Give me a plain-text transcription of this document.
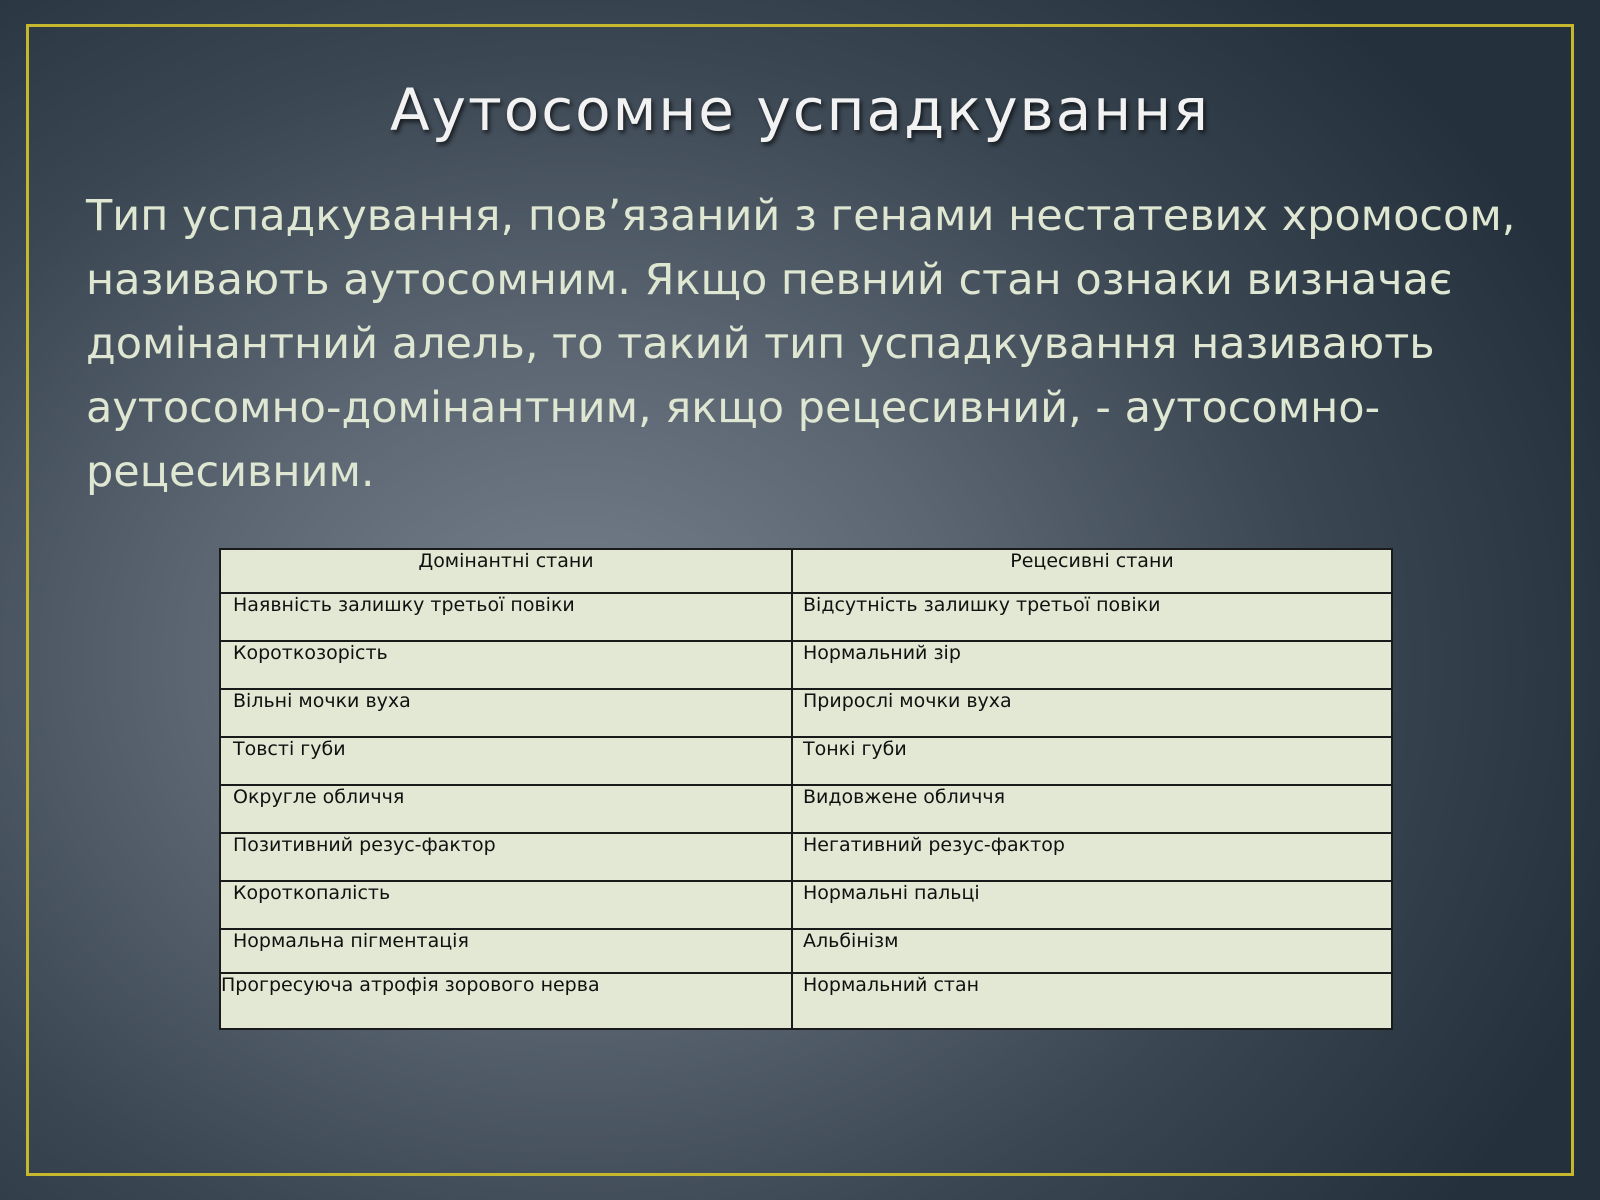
Аутосомне успадкування

Тип успадкування, пов’язаний з генами нестатевих хромосом, називають аутосомним. Якщо певний стан ознаки визначає домінантний алель, то такий тип успадкування називають аутосомно-домінантним, якщо рецесивний, - аутосомно-рецесивним.

Домінантні стани	Рецесивні стани
Наявність залишку третьої повіки	Відсутність залишку третьої повіки
Короткозорість	Нормальний зір
Вільні мочки вуха	Прирослі мочки вуха
Товсті губи	Тонкі губи
Округле обличчя	Видовжене обличчя
Позитивний резус-фактор	Негативний резус-фактор
Короткопалість	Нормальні пальці
Нормальна пігментація	Альбінізм
Прогресуюча атрофія зорового нерва	Нормальний стан
